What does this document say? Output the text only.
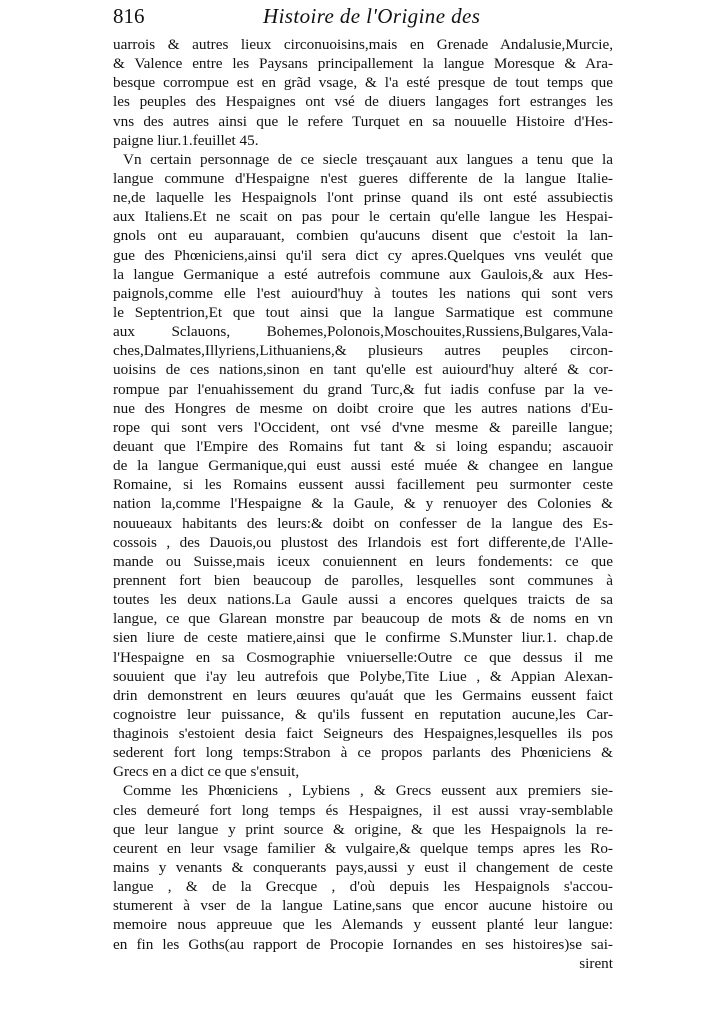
816	Histoire de l'Origine des
uarrois & autres lieux circonuoisins,mais en Grenade Andalusie,Murcie,
& Valence entre les Paysans principallement la langue Moresque & Ara-
besque corrompue est en grãd vsage, & l'a esté presque de tout temps que
les peuples des Hespaignes ont vsé de diuers langages fort estranges les
vns des autres ainsi que le refere Turquet en sa nouuelle Histoire d'Hes-
paigne liur.1.feuillet 45.
Vn certain personnage de ce siecle tresçauant aux langues a tenu que la
langue commune d'Hespaigne n'est gueres differente de la langue Italie-
ne,de laquelle les Hespaignols l'ont prinse quand ils ont esté assubiectis
aux Italiens.Et ne scait on pas pour le certain qu'elle langue les Hespai-
gnols ont eu auparauant, combien qu'aucuns disent que c'estoit la lan-
gue des Phœniciens,ainsi qu'il sera dict cy apres.Quelques vns veulét que
la langue Germanique a esté autrefois commune aux Gaulois,& aux Hes-
paignols,comme elle l'est auiourd'huy à toutes les nations qui sont vers
le Septentrion,Et que tout ainsi que la langue Sarmatique est commune
aux Sclauons, Bohemes,Polonois,Moschouites,Russiens,Bulgares,Vala-
ches,Dalmates,Illyriens,Lithuaniens,& plusieurs autres peuples circon-
uoisins de ces nations,sinon en tant qu'elle est auiourd'huy alteré & cor-
rompue par l'enuahissement du grand Turc,& fut iadis confuse par la ve-
nue des Hongres de mesme on doibt croire que les autres nations d'Eu-
rope qui sont vers l'Occident, ont vsé d'vne mesme & pareille langue;
deuant que l'Empire des Romains fut tant & si loing espandu; ascauoir
de la langue Germanique,qui eust aussi esté muée & changee en langue
Romaine, si les Romains eussent aussi facillement peu surmonter ceste
nation la,comme l'Hespaigne & la Gaule, & y renuoyer des Colonies &
nouueaux habitants des leurs:& doibt on confesser de la langue des Es-
cossois , des Dauois,ou plustost des Irlandois est fort differente,de l'Alle-
mande ou Suisse,mais iceux conuiennent en leurs fondements: ce que
prennent fort bien beaucoup de parolles, lesquelles sont communes à
toutes les deux nations.La Gaule aussi a encores quelques traicts de sa
langue, ce que Glarean monstre par beaucoup de mots & de noms en vn
sien liure de ceste matiere,ainsi que le confirme S.Munster liur.1. chap.de
l'Hespaigne en sa Cosmographie vniuerselle:Outre ce que dessus il me
souuient que i'ay leu autrefois que Polybe,Tite Liue , & Appian Alexan-
drin demonstrent en leurs œuures qu'auát que les Germains eussent faict
cognoistre leur puissance, & qu'ils fussent en reputation aucune,les Car-
thaginois s'estoient desia faict Seigneurs des Hespaignes,lesquelles ils pos
sederent fort long temps:Strabon à ce propos parlants des Phœniciens &
Grecs en a dict ce que s'ensuit,
Comme les Phœniciens , Lybiens , & Grecs eussent aux premiers sie-
cles demeuré fort long temps és Hespaignes, il est aussi vray-semblable
que leur langue y print source & origine, & que les Hespaignols la re-
ceurent en leur vsage familier & vulgaire,& quelque temps apres les Ro-
mains y venants & conquerants pays,aussi y eust il changement de ceste
langue , & de la Grecque , d'où depuis les Hespaignols s'accou-
stumerent à vser de la langue Latine,sans que encor aucune histoire ou
memoire nous appreuue que les Alemands y eussent planté leur langue:
en fin les Goths(au rapport de Procopie Iornandes en ses histoires)se sai-
sirent
